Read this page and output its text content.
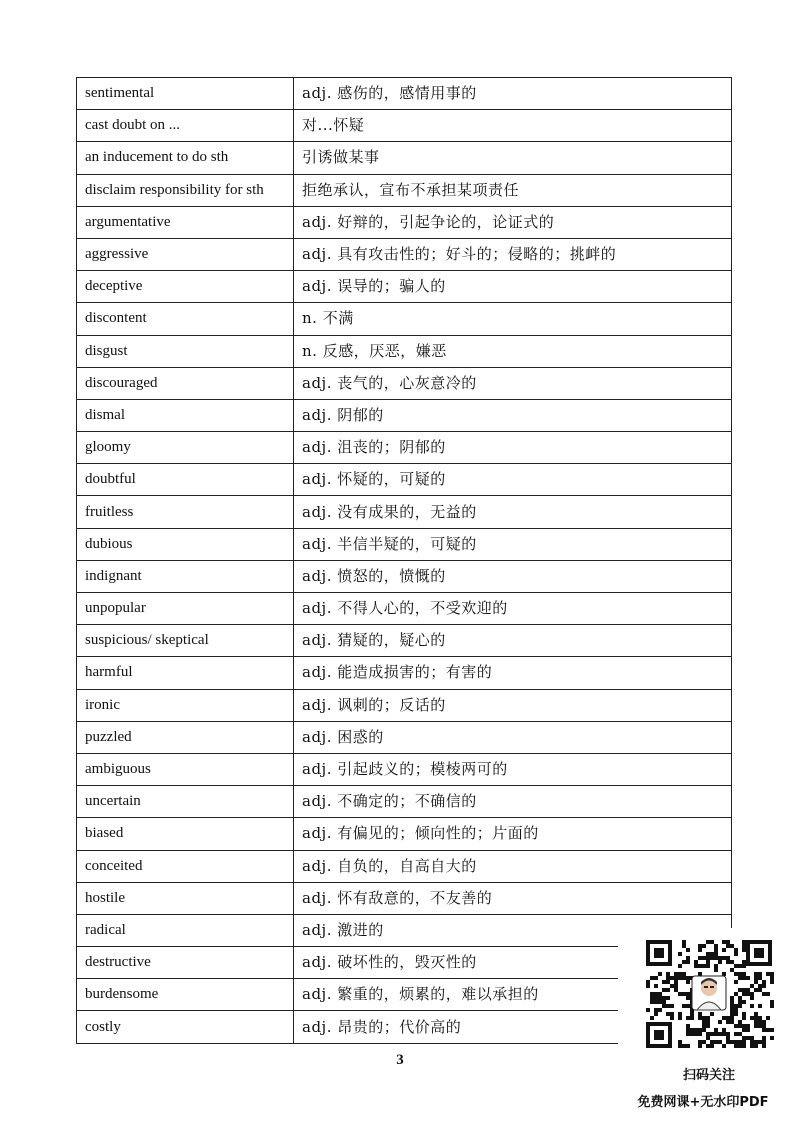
sentimental	adj. 感伤的，感情用事的
cast doubt on ...	对...怀疑
an inducement to do sth	引诱做某事
disclaim responsibility for sth	拒绝承认，宣布不承担某项责任
argumentative	adj. 好辩的，引起争论的，论证式的
aggressive	adj. 具有攻击性的；好斗的；侵略的；挑衅的
deceptive	adj. 误导的；骗人的
discontent	n. 不满
disgust	n. 反感，厌恶，嫌恶
discouraged	adj. 丧气的，心灰意冷的
dismal	adj. 阴郁的
gloomy	adj. 沮丧的；阴郁的
doubtful	adj. 怀疑的，可疑的
fruitless	adj. 没有成果的，无益的
dubious	adj. 半信半疑的，可疑的
indignant	adj. 愤怒的，愤慨的
unpopular	adj. 不得人心的，不受欢迎的
suspicious/ skeptical	adj. 猜疑的，疑心的
harmful	adj. 能造成损害的；有害的
ironic	adj. 讽刺的；反话的
puzzled	adj. 困惑的
ambiguous	adj. 引起歧义的；模棱两可的
uncertain	adj. 不确定的；不确信的
biased	adj. 有偏见的；倾向性的；片面的
conceited	adj. 自负的，自高自大的
hostile	adj. 怀有敌意的，不友善的
radical	adj. 激进的
destructive	adj. 破坏性的，毁灭性的
burdensome	adj. 繁重的，烦累的，难以承担的
costly	adj. 昂贵的；代价高的
3
扫码关注
免费网课+无水印PDF
